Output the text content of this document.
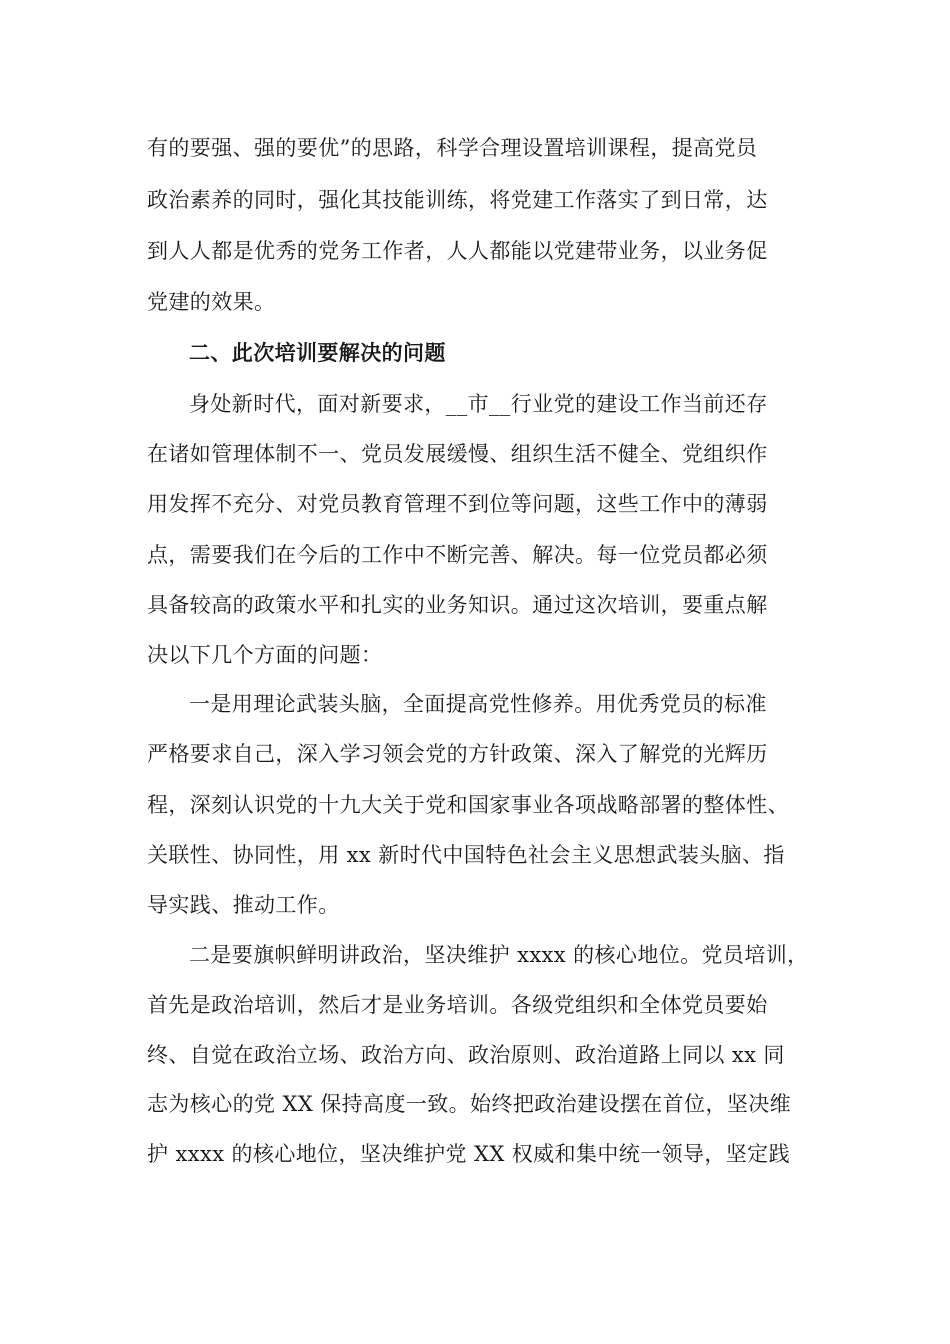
有的要强、强的要优”的思路，科学合理设置培训课程，提高党员
政治素养的同时，强化其技能训练，将党建工作落实了到日常，达
到人人都是优秀的党务工作者，人人都能以党建带业务，以业务促
党建的效果。
二、此次培训要解决的问题
身处新时代，面对新要求，__市__行业党的建设工作当前还存
在诸如管理体制不一、党员发展缓慢、组织生活不健全、党组织作
用发挥不充分、对党员教育管理不到位等问题，这些工作中的薄弱
点，需要我们在今后的工作中不断完善、解决。每一位党员都必须
具备较高的政策水平和扎实的业务知识。通过这次培训，要重点解
决以下几个方面的问题：
一是用理论武装头脑，全面提高党性修养。用优秀党员的标准
严格要求自己，深入学习领会党的方针政策、深入了解党的光辉历
程，深刻认识党的十九大关于党和国家事业各项战略部署的整体性、
关联性、协同性，用 xx 新时代中国特色社会主义思想武装头脑、指
导实践、推动工作。
二是要旗帜鲜明讲政治，坚决维护 xxxx 的核心地位。党员培训，
首先是政治培训，然后才是业务培训。各级党组织和全体党员要始
终、自觉在政治立场、政治方向、政治原则、政治道路上同以 xx 同
志为核心的党 XX 保持高度一致。始终把政治建设摆在首位，坚决维
护 xxxx 的核心地位，坚决维护党 XX 权威和集中统一领导，坚定践
